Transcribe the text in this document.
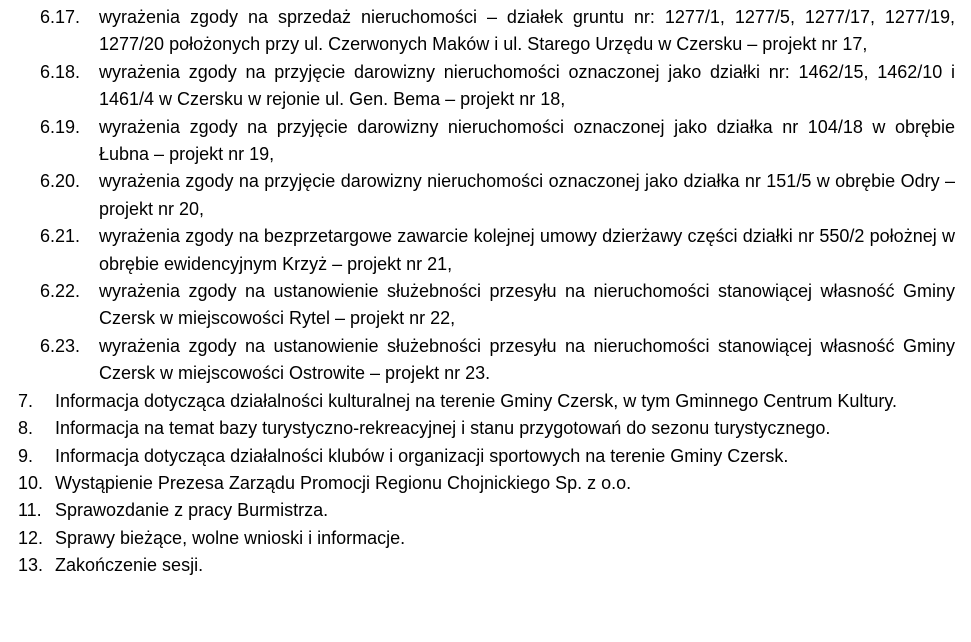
6.17.	wyrażenia zgody na sprzedaż nieruchomości – działek gruntu nr: 1277/1, 1277/5, 1277/17, 1277/19, 1277/20 położonych przy ul. Czerwonych Maków i ul. Starego Urzędu w Czersku – projekt nr 17,
6.18.	wyrażenia zgody na przyjęcie darowizny nieruchomości oznaczonej jako działki nr: 1462/15, 1462/10 i 1461/4 w Czersku w rejonie ul. Gen. Bema – projekt nr 18,
6.19.	wyrażenia zgody na przyjęcie darowizny nieruchomości oznaczonej jako działka nr 104/18 w obrębie Łubna – projekt nr 19,
6.20.	wyrażenia zgody na przyjęcie darowizny nieruchomości oznaczonej jako działka nr 151/5 w obrębie Odry – projekt nr 20,
6.21.	wyrażenia zgody na bezprzetargowe zawarcie kolejnej umowy dzierżawy części działki nr 550/2 położnej w obrębie ewidencyjnym Krzyż – projekt nr 21,
6.22.	wyrażenia zgody na ustanowienie służebności przesyłu na nieruchomości stanowiącej własność Gminy Czersk w miejscowości Rytel – projekt nr 22,
6.23.	wyrażenia zgody na ustanowienie służebności przesyłu na nieruchomości stanowiącej własność Gminy Czersk w miejscowości Ostrowite – projekt nr 23.
7.	Informacja dotycząca działalności kulturalnej na terenie Gminy Czersk, w tym Gminnego Centrum Kultury.
8.	Informacja na temat bazy turystyczno-rekreacyjnej i stanu przygotowań do sezonu turystycznego.
9.	Informacja dotycząca działalności klubów i organizacji sportowych na terenie Gminy Czersk.
10. Wystąpienie Prezesa Zarządu Promocji Regionu Chojnickiego Sp. z o.o.
11. Sprawozdanie z pracy Burmistrza.
12. Sprawy bieżące, wolne wnioski i informacje.
13. Zakończenie sesji.
